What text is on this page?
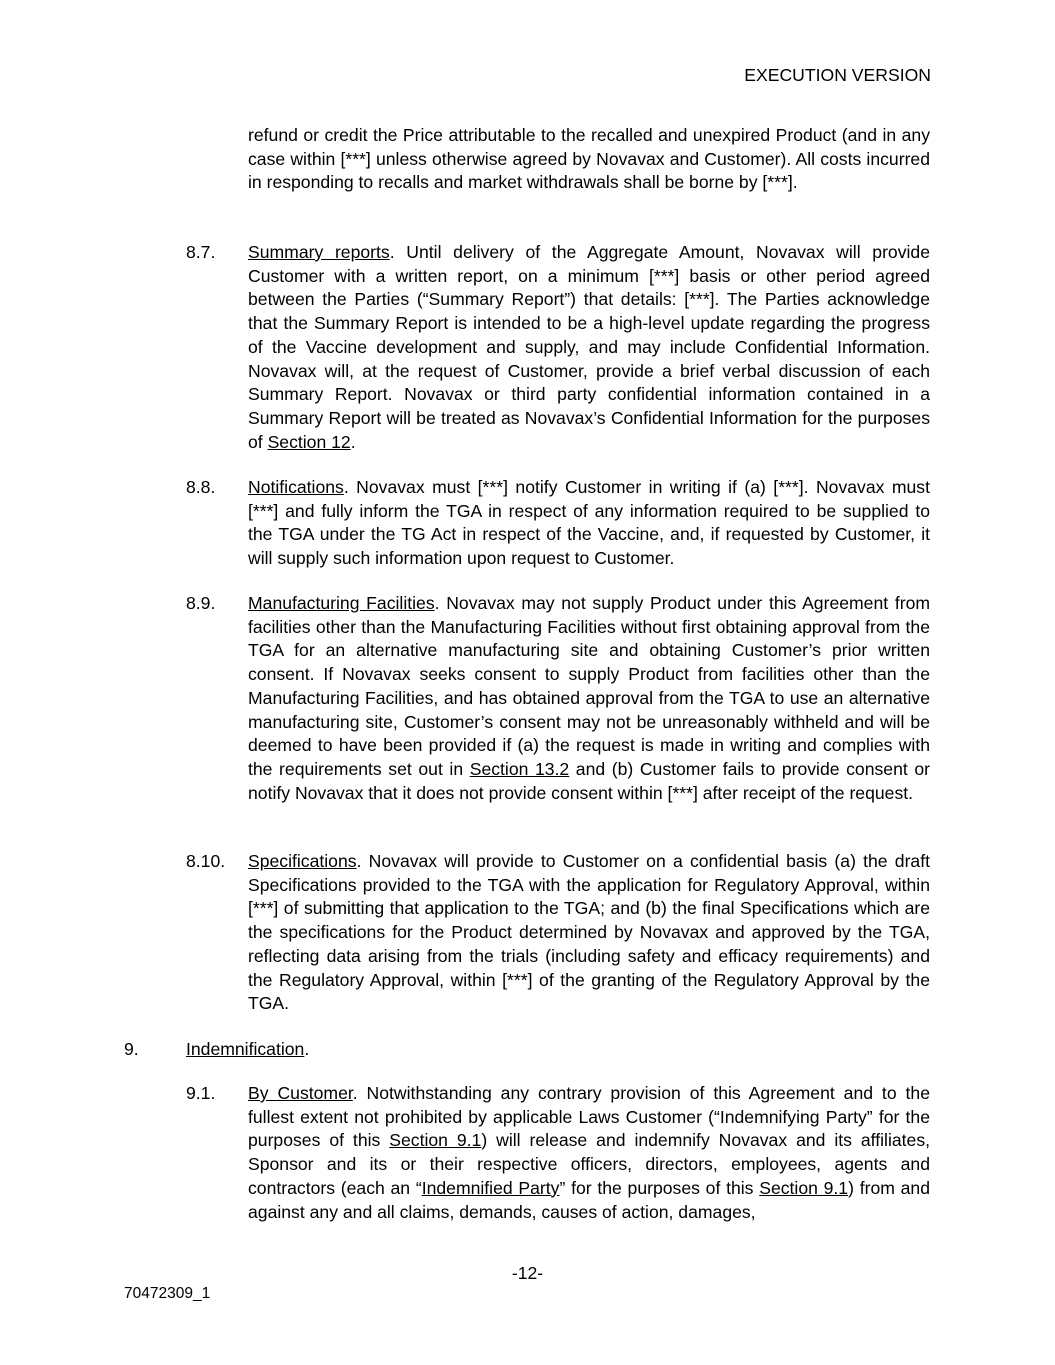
EXECUTION VERSION

refund or credit the Price attributable to the recalled and unexpired Product (and in any case within [***] unless otherwise agreed by Novavax and Customer). All costs incurred in responding to recalls and market withdrawals shall be borne by [***].

8.7.	Summary reports. Until delivery of the Aggregate Amount, Novavax will provide Customer with a written report, on a minimum [***] basis or other period agreed between the Parties (“Summary Report”) that details: [***]. The Parties acknowledge that the Summary Report is intended to be a high-level update regarding the progress of the Vaccine development and supply, and may include Confidential Information. Novavax will, at the request of Customer, provide a brief verbal discussion of each Summary Report. Novavax or third party confidential information contained in a Summary Report will be treated as Novavax’s Confidential Information for the purposes of Section 12.

8.8.	Notifications. Novavax must [***] notify Customer in writing if (a) [***]. Novavax must [***] and fully inform the TGA in respect of any information required to be supplied to the TGA under the TG Act in respect of the Vaccine, and, if requested by Customer, it will supply such information upon request to Customer.

8.9.	Manufacturing Facilities. Novavax may not supply Product under this Agreement from facilities other than the Manufacturing Facilities without first obtaining approval from the TGA for an alternative manufacturing site and obtaining Customer’s prior written consent. If Novavax seeks consent to supply Product from facilities other than the Manufacturing Facilities, and has obtained approval from the TGA to use an alternative manufacturing site, Customer’s consent may not be unreasonably withheld and will be deemed to have been provided if (a) the request is made in writing and complies with the requirements set out in Section 13.2 and (b) Customer fails to provide consent or notify Novavax that it does not provide consent within [***] after receipt of the request.

8.10.	Specifications. Novavax will provide to Customer on a confidential basis (a) the draft Specifications provided to the TGA with the application for Regulatory Approval, within [***] of submitting that application to the TGA; and (b) the final Specifications which are the specifications for the Product determined by Novavax and approved by the TGA, reflecting data arising from the trials (including safety and efficacy requirements) and the Regulatory Approval, within [***] of the granting of the Regulatory Approval by the TGA.

9.	Indemnification.

9.1.	By Customer. Notwithstanding any contrary provision of this Agreement and to the fullest extent not prohibited by applicable Laws Customer (“Indemnifying Party” for the purposes of this Section 9.1) will release and indemnify Novavax and its affiliates, Sponsor and its or their respective officers, directors, employees, agents and contractors (each an “Indemnified Party” for the purposes of this Section 9.1) from and against any and all claims, demands, causes of action, damages,

-12-

70472309_1
